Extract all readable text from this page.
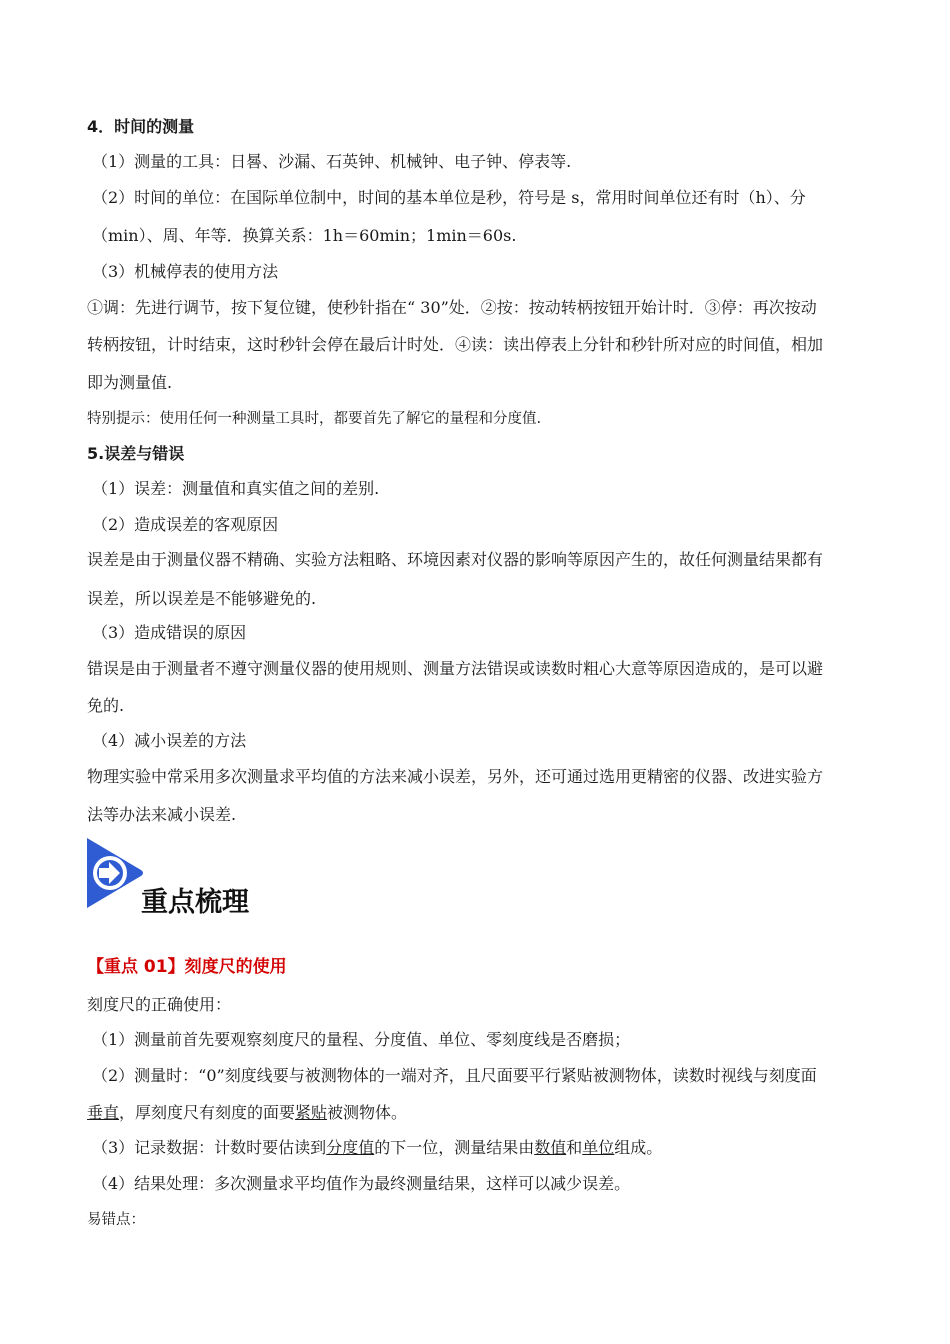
4．时间的测量
（1）测量的工具：日晷、沙漏、石英钟、机械钟、电子钟、停表等.
（2）时间的单位：在国际单位制中，时间的基本单位是秒，符号是 s，常用时间单位还有时（h）、分
（min）、周、年等．换算关系：1h＝60min；1min＝60s.
（3）机械停表的使用方法
①调：先进行调节，按下复位键，使秒针指在“ 30”处．②按：按动转柄按钮开始计时．③停：再次按动
转柄按钮，计时结束，这时秒针会停在最后计时处．④读：读出停表上分针和秒针所对应的时间值，相加
即为测量值.
特别提示：使用任何一种测量工具时，都要首先了解它的量程和分度值.
5.误差与错误
（1）误差：测量值和真实值之间的差别.
（2）造成误差的客观原因
误差是由于测量仪器不精确、实验方法粗略、环境因素对仪器的影响等原因产生的，故任何测量结果都有
误差，所以误差是不能够避免的.
（3）造成错误的原因
错误是由于测量者不遵守测量仪器的使用规则、测量方法错误或读数时粗心大意等原因造成的，是可以避
免的.
（4）减小误差的方法
物理实验中常采用多次测量求平均值的方法来减小误差，另外，还可通过选用更精密的仪器、改进实验方
法等办法来减小误差.
重点梳理
【重点 01】刻度尺的使用
刻度尺的正确使用：
（1）测量前首先要观察刻度尺的量程、分度值、单位、零刻度线是否磨损；
（2）测量时：“0”刻度线要与被测物体的一端对齐，且尺面要平行紧贴被测物体，读数时视线与刻度面
垂直，厚刻度尺有刻度的面要紧贴被测物体。
（3）记录数据：计数时要估读到分度值的下一位，测量结果由数值和单位组成。
（4）结果处理：多次测量求平均值作为最终测量结果，这样可以减少误差。
易错点：
